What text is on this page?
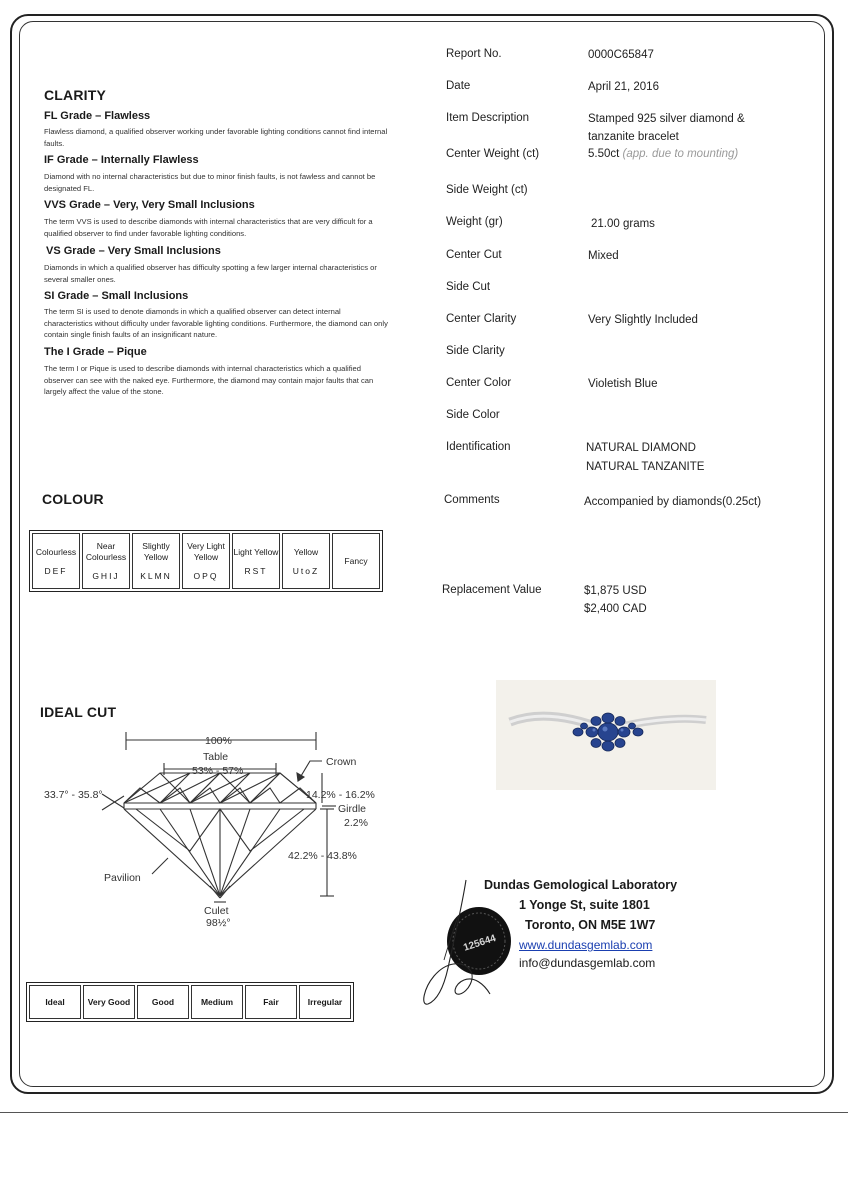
Report No.	0000C65847
Date	April 21, 2016
Item Description	Stamped 925 silver diamond &
tanzanite bracelet
Center Weight (ct)	5.50ct (app. due to mounting)
Side Weight (ct)
Weight (gr)	21.00 grams
Center Cut	Mixed
Side Cut
Center Clarity	Very Slightly Included
Side Clarity
Center Color	Violetish Blue
Side Color
Identification	NATURAL DIAMOND
NATURAL TANZANITE
Comments	Accompanied by diamonds(0.25ct)
Replacement Value	$1,875 USD
$2,400 CAD
CLARITY
FL Grade – Flawless
Flawless diamond, a qualified observer working under favorable lighting conditions cannot find internal faults.
IF Grade – Internally Flawless
Diamond with no internal characteristics but due to minor finish faults, is not fawless and cannot be designated FL.
VVS Grade – Very, Very Small Inclusions
The term VVS is used to describe diamonds with internal characteristics that are very difficult for a qualified observer to find under favorable lighting conditions.
VS Grade – Very Small Inclusions
Diamonds in which a qualified observer has difficulty spotting a few larger internal characteristics or several smaller ones.
SI Grade – Small Inclusions
The term SI is used to denote diamonds in which a qualified observer can detect internal characteristics without difficulty under favorable lighting conditions. Furthermore, the diamond can only contain single finish faults of an insignificant nature.
The I Grade – Pique
The term I or Pique is used to describe diamonds with internal characteristics which a qualified observer can see with the naked eye. Furthermore, the diamond may contain major faults that can largely affect the value of the stone.
COLOUR
Colourless
DEF

Near Colourless
GHIJ

Slightly Yellow
KLMN

Very Light Yellow
OPQ

Light Yellow
RST

Yellow
UtoZ

Fancy
IDEAL CUT
100%
Table
53% - 57%
Crown
33.7° - 35.8°	14.2% - 16.2%
Girdle
2.2%
42.2% - 43.8%
Pavilion
Culet
98½°
Ideal	Very Good	Good	Medium	Fair	Irregular
Dundas Gemological Laboratory
1 Yonge St, suite 1801
Toronto, ON M5E 1W7
www.dundasgemlab.com
info@dundasgemlab.com
125644
